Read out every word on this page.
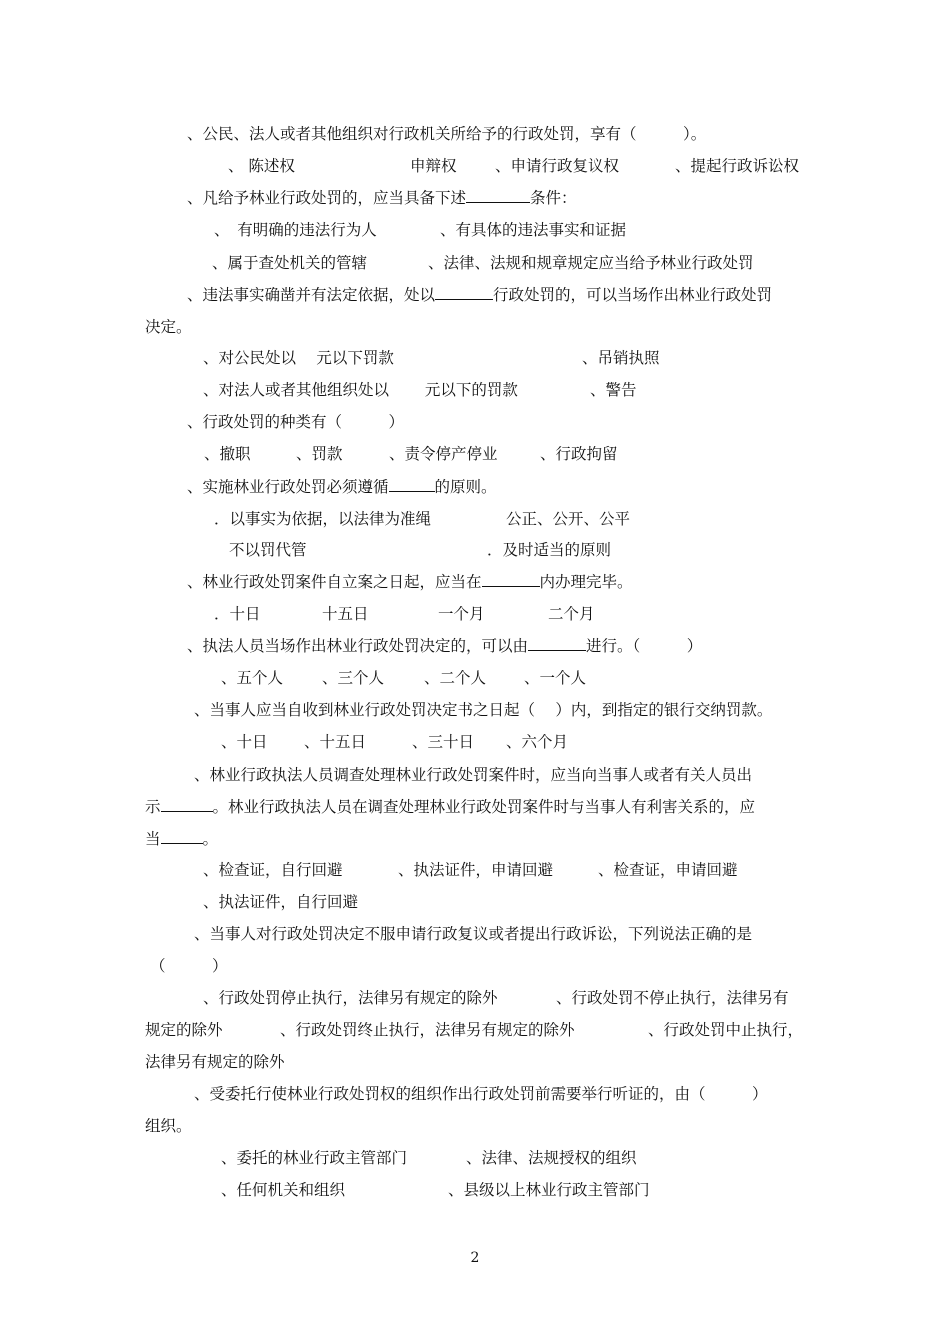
、公民、法人或者其他组织对行政机关所给予的行政处罚，享有（　　　）。
、 陈述权	申辩权 、申请行政复议权	、提起行政诉讼权
、凡给予林业行政处罚的，应当具备下述	条件：
、　有明确的违法行为人	、有具体的违法事实和证据
、属于查处机关的管辖	、法律、法规和规章规定应当给予林业行政处罚
、违法事实确凿并有法定依据，处以	行政处罚的，可以当场作出林业行政处罚
决定。
、对公民处以　 元以下罚款	、吊销执照
、对法人或者其他组织处以　　 元以下的罚款	、警告
、行政处罚的种类有（　　　）
、撤职	、罚款	、责令停产停业	、行政拘留
、实施林业行政处罚必须遵循	的原则。
．以事实为依据，以法律为准绳	公正、公开、公平
不以罚代管	．及时适当的原则
、林业行政处罚案件自立案之日起，应当在	内办理完毕。
．十日	十五日	一个月	二个月
、执法人员当场作出林业行政处罚决定的，可以由	进行。（　　　）
、五个人	、三个人	、二个人 、一个人
、当事人应当自收到林业行政处罚决定书之日起（　 ）内，到指定的银行交纳罚款。
、十日 、十五日	、三十日 、六个月
、林业行政执法人员调查处理林业行政处罚案件时，应当向当事人或者有关人员出
示	。林业行政执法人员在调查处理林业行政处罚案件时与当事人有利害关系的，应
当	。
、检查证，自行回避	、执法证件，申请回避	、检查证，申请回避
、执法证件，自行回避
、当事人对行政处罚决定不服申请行政复议或者提出行政诉讼，下列说法正确的是
（　　　）
、行政处罚停止执行，法律另有规定的除外	、行政处罚不停止执行，法律另有
规定的除外	、行政处罚终止执行，法律另有规定的除外	、行政处罚中止执行，
法律另有规定的除外
、受委托行使林业行政处罚权的组织作出行政处罚前需要举行听证的，由（　　　）
组织。
、委托的林业行政主管部门	、法律、法规授权的组织
、任何机关和组织	、县级以上林业行政主管部门
2
